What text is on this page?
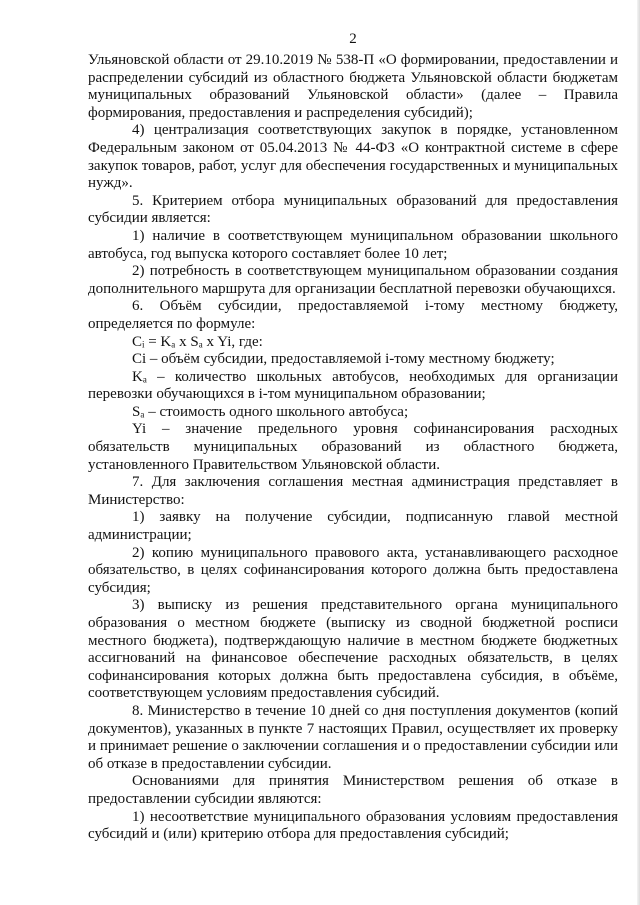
2

Ульяновской области от 29.10.2019 № 538-П «О формировании, предоставлении и распределении субсидий из областного бюджета Ульяновской области бюджетам муниципальных образований Ульяновской области» (далее – Правила формирования, предоставления и распределения субсидий);

4) централизация соответствующих закупок в порядке, установленном Федеральным законом от 05.04.2013 № 44-ФЗ «О контрактной системе в сфере закупок товаров, работ, услуг для обеспечения государственных и муниципальных нужд».

5. Критерием отбора муниципальных образований для предоставления субсидии является:

1) наличие в соответствующем муниципальном образовании школьного автобуса, год выпуска которого составляет более 10 лет;

2) потребность в соответствующем муниципальном образовании создания дополнительного маршрута для организации бесплатной перевозки обучающихся.

6. Объём субсидии, предоставляемой i-тому местному бюджету, определяется по формуле:

Cᵢ = Kₐ x Sₐ x Yi, где:

Ci – объём субсидии, предоставляемой i-тому местному бюджету;

Kₐ – количество школьных автобусов, необходимых для организации перевозки обучающихся в i-том муниципальном образовании;

Sₐ – стоимость одного школьного автобуса;

Yi – значение предельного уровня софинансирования расходных обязательств муниципальных образований из областного бюджета, установленного Правительством Ульяновской области.

7. Для заключения соглашения местная администрация представляет в Министерство:

1) заявку на получение субсидии, подписанную главой местной администрации;

2) копию муниципального правового акта, устанавливающего расходное обязательство, в целях софинансирования которого должна быть предоставлена субсидия;

3) выписку из решения представительного органа муниципального образования о местном бюджете (выписку из сводной бюджетной росписи местного бюджета), подтверждающую наличие в местном бюджете бюджетных ассигнований на финансовое обеспечение расходных обязательств, в целях софинансирования которых должна быть предоставлена субсидия, в объёме, соответствующем условиям предоставления субсидий.

8. Министерство в течение 10 дней со дня поступления документов (копий документов), указанных в пункте 7 настоящих Правил, осуществляет их проверку и принимает решение о заключении соглашения и о предоставлении субсидии или об отказе в предоставлении субсидии.

Основаниями для принятия Министерством решения об отказе в предоставлении субсидии являются:

1) несоответствие муниципального образования условиям предоставления субсидий и (или) критерию отбора для предоставления субсидий;
